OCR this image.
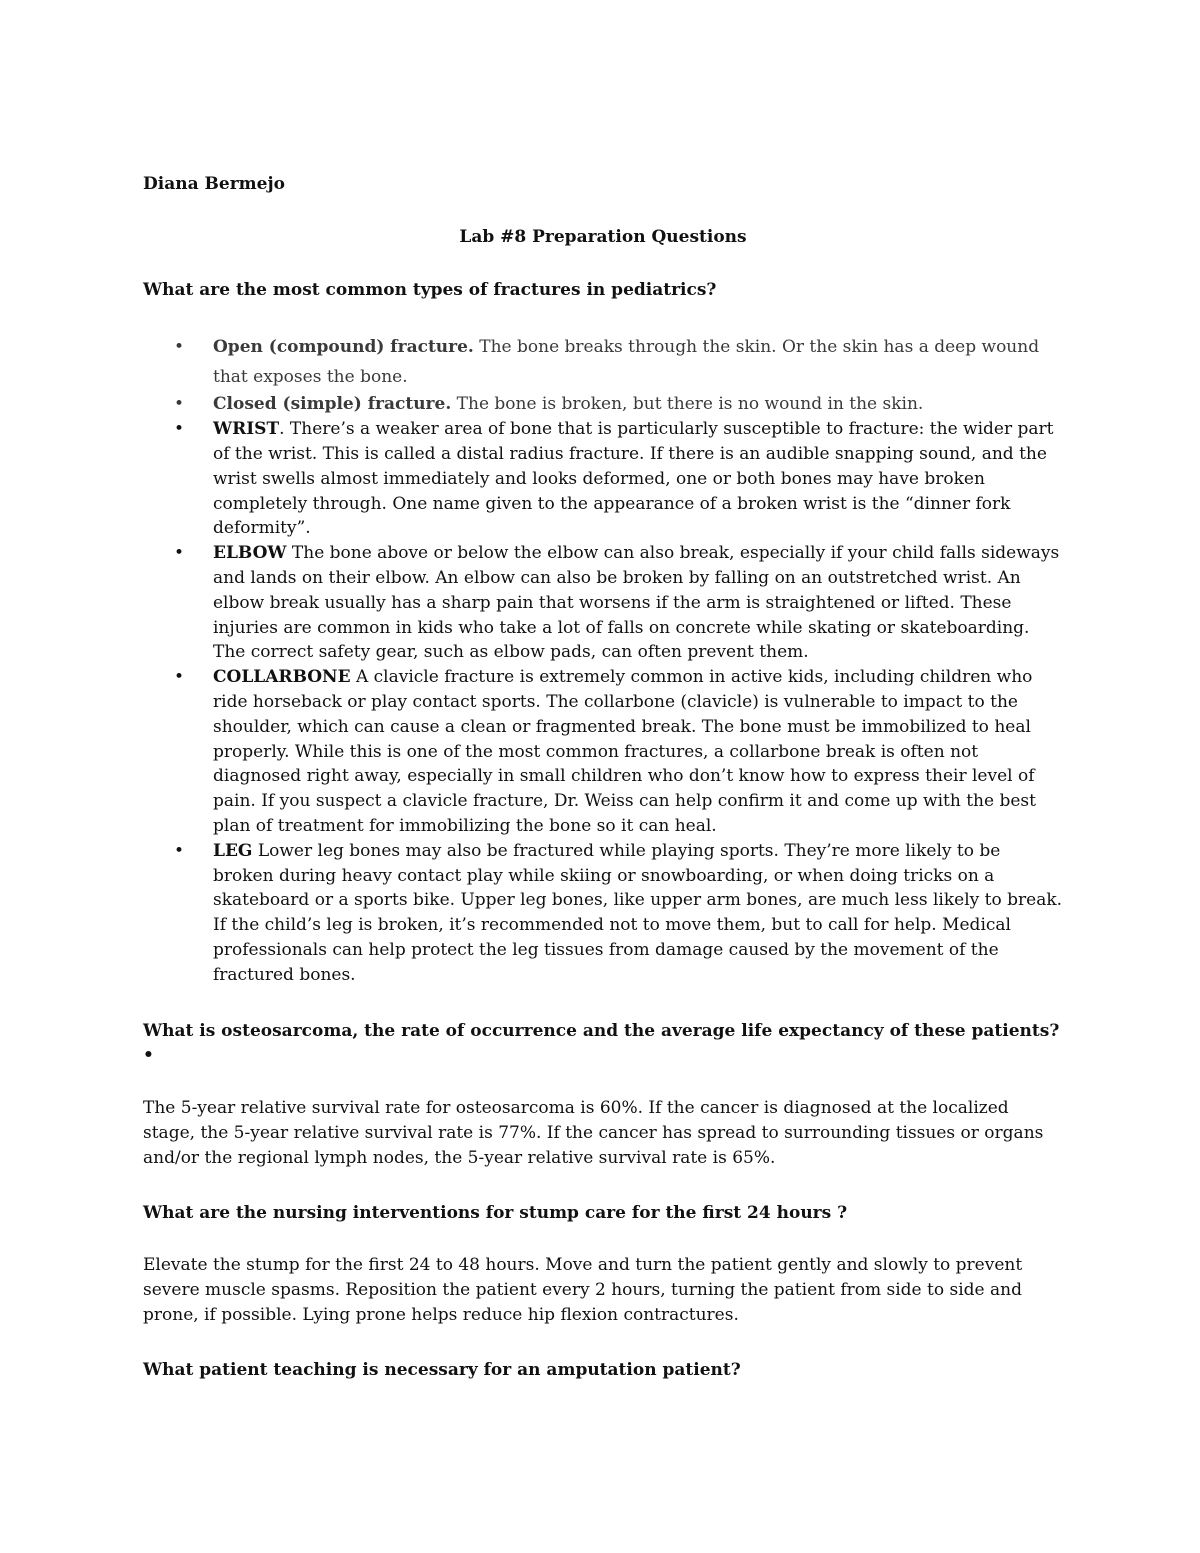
Diana Bermejo

Lab #8 Preparation Questions

What are the most common types of fractures in pediatrics?

• Open (compound) fracture. The bone breaks through the skin. Or the skin has a deep wound that exposes the bone.
• Closed (simple) fracture. The bone is broken, but there is no wound in the skin.
• WRIST. There’s a weaker area of bone that is particularly susceptible to fracture: the wider part of the wrist. This is called a distal radius fracture. If there is an audible snapping sound, and the wrist swells almost immediately and looks deformed, one or both bones may have broken completely through. One name given to the appearance of a broken wrist is the “dinner fork deformity”.
• ELBOW The bone above or below the elbow can also break, especially if your child falls sideways and lands on their elbow. An elbow can also be broken by falling on an outstretched wrist. An elbow break usually has a sharp pain that worsens if the arm is straightened or lifted. These injuries are common in kids who take a lot of falls on concrete while skating or skateboarding. The correct safety gear, such as elbow pads, can often prevent them.
• COLLARBONE A clavicle fracture is extremely common in active kids, including children who ride horseback or play contact sports. The collarbone (clavicle) is vulnerable to impact to the shoulder, which can cause a clean or fragmented break. The bone must be immobilized to heal properly. While this is one of the most common fractures, a collarbone break is often not diagnosed right away, especially in small children who don’t know how to express their level of pain. If you suspect a clavicle fracture, Dr. Weiss can help confirm it and come up with the best plan of treatment for immobilizing the bone so it can heal.
• LEG Lower leg bones may also be fractured while playing sports. They’re more likely to be broken during heavy contact play while skiing or snowboarding, or when doing tricks on a skateboard or a sports bike. Upper leg bones, like upper arm bones, are much less likely to break. If the child’s leg is broken, it’s recommended not to move them, but to call for help. Medical professionals can help protect the leg tissues from damage caused by the movement of the fractured bones.

What is osteosarcoma, the rate of occurrence and the average life expectancy of these patients? •

The 5-year relative survival rate for osteosarcoma is 60%. If the cancer is diagnosed at the localized stage, the 5-year relative survival rate is 77%. If the cancer has spread to surrounding tissues or organs and/or the regional lymph nodes, the 5-year relative survival rate is 65%.

What are the nursing interventions for stump care for the first 24 hours ?

Elevate the stump for the first 24 to 48 hours. Move and turn the patient gently and slowly to prevent severe muscle spasms. Reposition the patient every 2 hours, turning the patient from side to side and prone, if possible. Lying prone helps reduce hip flexion contractures.

What patient teaching is necessary for an amputation patient?
